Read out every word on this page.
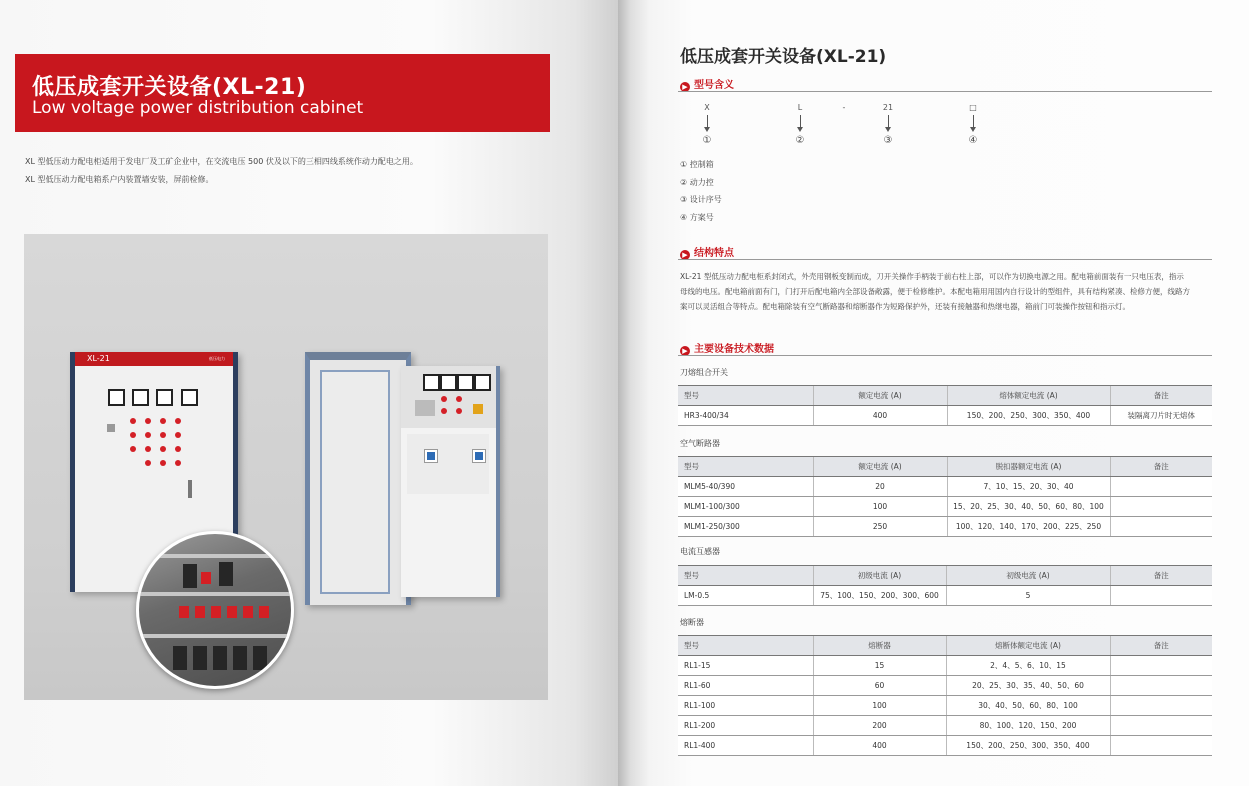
低压成套开关设备(XL-21)
Low voltage power distribution cabinet
XL 型低压动力配电柜适用于发电厂及工矿企业中，在交流电压 500 伏及以下的三相四线系统作动力配电之用。
XL 型低压动力配电箱系户内装置墙安装，屏前检修。
XL-21	低压电力
低压成套开关设备(XL-21)
▶ 型号含义
X	L	-	21	□
①	②	③	④
① 控制箱
② 动力控
③ 设计序号
④ 方案号
▶ 结构特点
XL-21 型低压动力配电柜系封闭式，外壳用钢板变制而成，刀开关操作手柄装于前右柱上部，可以作为切换电源之用。配电箱前面装有一只电压表，指示
母线的电压。配电箱前面有门，门打开后配电箱内全部设备敞露，便于检修维护。本配电箱用用国内自行设计的型组件，具有结构紧凑、检修方便，线路方
案可以灵活组合等特点。配电箱除装有空气断路器和熔断器作为短路保护外，还装有接触器和热继电器，箱前门可装操作按钮和指示灯。
▶ 主要设备技术数据
刀熔组合开关
型号	额定电流 (A)	熔体额定电流 (A)	备注
HR3-400/34	400	150、200、250、300、350、400	装隔离刀片时无熔体
空气断路器
型号	额定电流 (A)	脱扣器额定电流 (A)	备注
MLM5-40/390	20	7、10、15、20、30、40	
MLM1-100/300	100	15、20、25、30、40、50、60、80、100	
MLM1-250/300	250	100、120、140、170、200、225、250	
电流互感器
型号	初级电流 (A)	初级电流 (A)	备注
LM-0.5	75、100、150、200、300、600	5	
熔断器
型号	熔断器	熔断体额定电流 (A)	备注
RL1-15	15	2、4、5、6、10、15	
RL1-60	60	20、25、30、35、40、50、60	
RL1-100	100	30、40、50、60、80、100	
RL1-200	200	80、100、120、150、200	
RL1-400	400	150、200、250、300、350、400	
